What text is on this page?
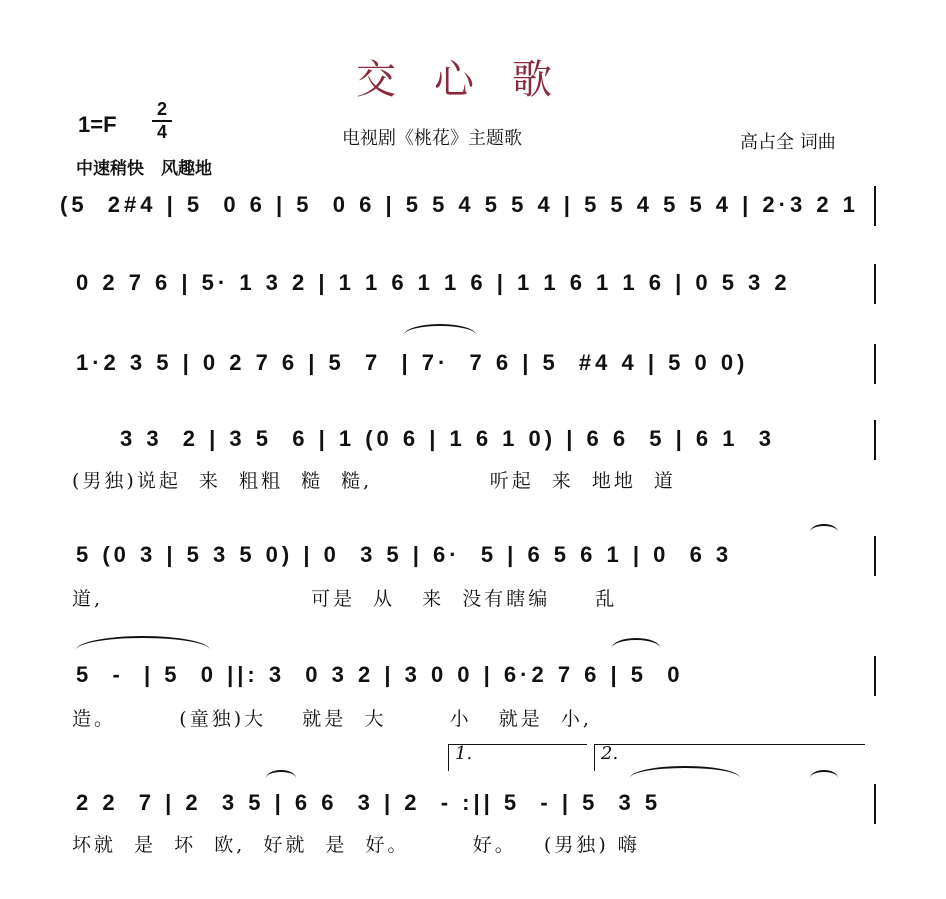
交心歌
1=F
2
4	电视剧《桃花》主题歌	高占全 词曲
中速稍快　风趣地
(5  2#4 | 5  0 6 | 5  0 6 | 5 5 4 5 5 4 | 5 5 4 5 5 4 | 2·3 2 1
0 2 7 6 | 5· 1 3 2 | 1 1 6 1 1 6 | 1 1 6 1 1 6 | 0 5 3 2
1·2 3 5 | 0 2 7 6 | 5  7  | 7·  7 6 | 5  #4 4 | 5 0 0)
3 3  2 | 3 5  6 | 1 (0 6 | 1 6 1 0) | 6 6  5 | 6 1  3
(男独)说起  来  粗粗  糙  糙,             听起  来  地地  道
5 (0 3 | 5 3 5 0) | 0  3 5 | 6·  5 | 6 5 6 1 | 0  6 3
道,                       可是  从   来  没有瞎编     乱
5  -  | 5  0 ||: 3  0 3 2 | 3 0 0 | 6·2 7 6 | 5  0
造。       (童独)大    就是  大       小   就是  小,
1.	2.
2 2  7 | 2  3 5 | 6 6  3 | 2  - :|| 5  - | 5  3 5
坏就  是  坏  欧,  好就  是  好。       好。   (男独) 嗨
